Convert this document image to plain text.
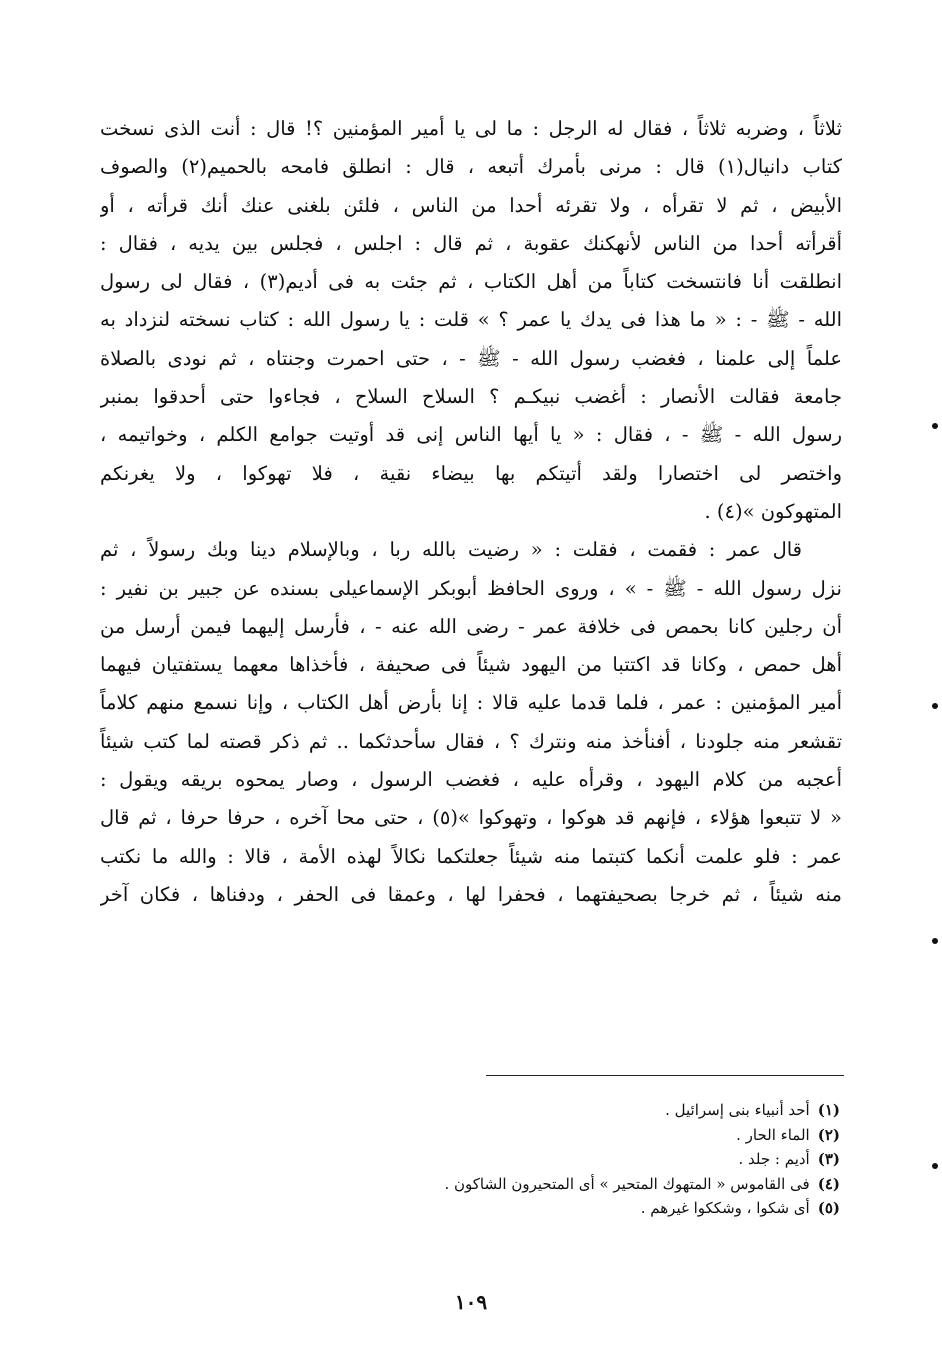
ثلاثاً ، وضربه ثلاثاً ، فقال له الرجل : ما لى يا أمير المؤمنين ؟! قال : أنت الذى نسخت
كتاب دانيال(١) قال : مرنى بأمرك أتبعه ، قال : انطلق فامحه بالحميم(٢) والصوف
الأبيض ، ثم لا تقرأه ، ولا تقرئه أحدا من الناس ، فلئن بلغنى عنك أنك قرأته ، أو
أقرأته أحدا من الناس لأنهكنك عقوبة ، ثم قال : اجلس ، فجلس بين يديه ، فقال :
انطلقت أنا فانتسخت كتاباً من أهل الكتاب ، ثم جئت به فى أديم(٣) ، فقال لى رسول
الله - ﷺ - : « ما هذا فى يدك يا عمر ؟ » قلت : يا رسول الله : كتاب نسخته لنزداد به
علماً إلى علمنا ، فغضب رسول الله - ﷺ - ، حتى احمرت وجنتاه ، ثم نودى بالصلاة
جامعة فقالت الأنصار : أغضب نبيكـم ؟ السلاح السلاح ، فجاءوا حتى أحدقوا بمنبر
رسول الله - ﷺ - ، فقال : « يا أيها الناس إنى قد أوتيت جوامع الكلم ، وخواتيمه ،
واختصر لى اختصارا ولقد أتيتكم بها بيضاء نقية ، فلا تهوكوا ، ولا يغرنكم
المتهوكون »(٤) .
قال عمر : فقمت ، فقلت : « رضيت بالله ربا ، وبالإسلام دينا وبك رسولاً ، ثم
نزل رسول الله - ﷺ - » ، وروى الحافظ أبوبكر الإسماعيلى بسنده عن جبير بن نفير :
أن رجلين كانا بحمص فى خلافة عمر - رضى الله عنه - ، فأرسل إليهما فيمن أرسل من
أهل حمص ، وكانا قد اكتتبا من اليهود شيئاً فى صحيفة ، فأخذاها معهما يستفتيان فيهما
أمير المؤمنين : عمر ، فلما قدما عليه قالا : إنا بأرض أهل الكتاب ، وإنا نسمع منهم كلاماً
تقشعر منه جلودنا ، أفنأخذ منه ونترك ؟ ، فقال سأحدثكما .. ثم ذكر قصته لما كتب شيئاً
أعجبه من كلام اليهود ، وقرأه عليه ، فغضب الرسول ، وصار يمحوه بريقه ويقول :
« لا تتبعوا هؤلاء ، فإنهم قد هوكوا ، وتهوكوا »(٥) ، حتى محا آخره ، حرفا حرفا ، ثم قال
عمر : فلو علمت أنكما كتبتما منه شيئاً جعلتكما نكالاً لهذه الأمة ، قالا : والله ما نكتب
منه شيئاً ، ثم خرجا بصحيفتهما ، فحفرا لها ، وعمقا فى الحفر ، ودفناها ، فكان آخر
(١)أحد أنبياء بنى إسرائيل .
(٢)الماء الحار .
(٣)أديم : جلد .
(٤)فى القاموس « المتهوك المتحير » أى المتحيرون الشاكون .
(٥)أى شكوا ، وشككوا غيرهم .
١٠٩
